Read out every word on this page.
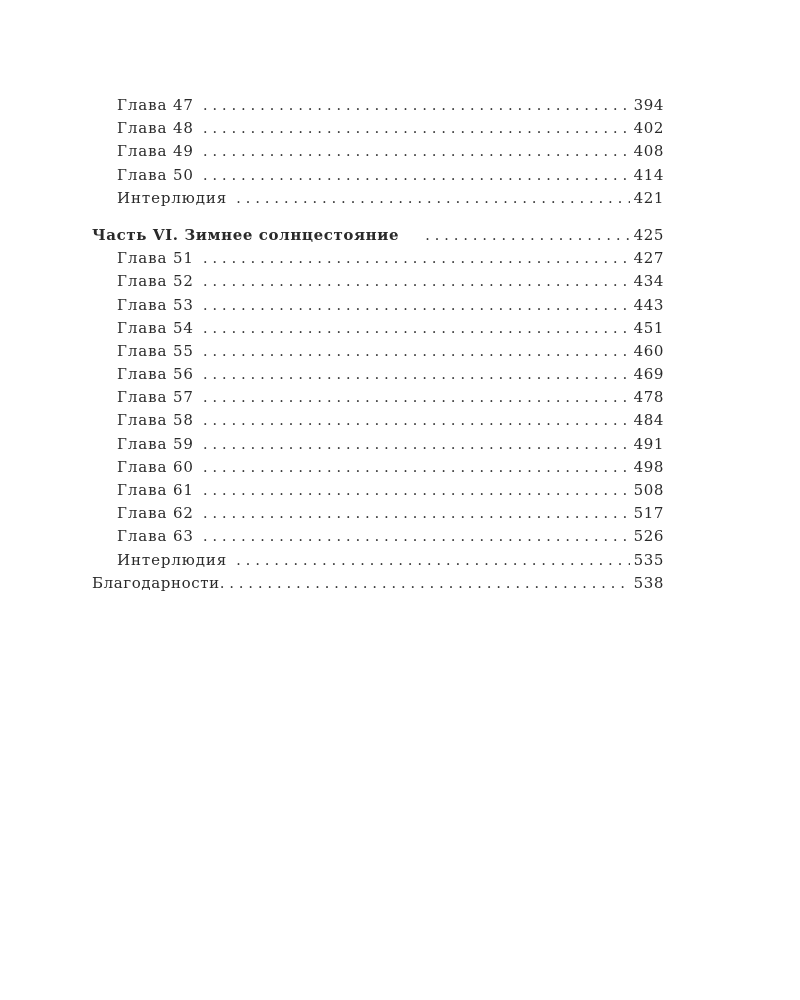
Глава 47 . . .	394
Глава 48 . . .	402
Глава 49 . . .	408
Глава 50 . . .	414
Интерлюдия . . .	421
Часть VI. Зимнее солнцестояние . . .	425
Глава 51 . . .	427
Глава 52 . . .	434
Глава 53 . . .	443
Глава 54 . . .	451
Глава 55 . . .	460
Глава 56 . . .	469
Глава 57 . . .	478
Глава 58 . . .	484
Глава 59 . . .	491
Глава 60 . . .	498
Глава 61 . . .	508
Глава 62 . . .	517
Глава 63 . . .	526
Интерлюдия . . .	535
Благодарности . . .	538
